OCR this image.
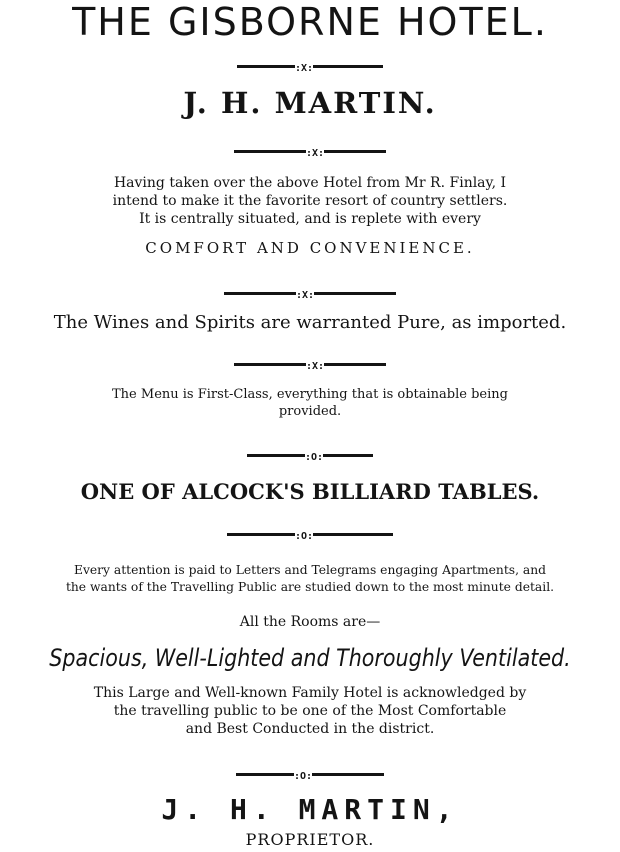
THE GISBORNE HOTEL.
:X:
J. H. MARTIN.
:X:
Having taken over the above Hotel from Mr R. Finlay, I
intend to make it the favorite resort of country settlers.
It is centrally situated, and is replete with every
COMFORT AND CONVENIENCE.
:X:
The Wines and Spirits are warranted Pure, as imported.
:X:
The Menu is First-Class, everything that is obtainable being
provided.
:O:
ONE OF ALCOCK'S BILLIARD TABLES.
:O:
Every attention is paid to Letters and Telegrams engaging Apartments, and
the wants of the Travelling Public are studied down to the most minute detail.
All the Rooms are—
Spacious, Well-Lighted and Thoroughly Ventilated.
This Large and Well-known Family Hotel is acknowledged by
the travelling public to be one of the Most Comfortable
and Best Conducted in the district.
:O:
J. H. MARTIN,
PROPRIETOR.
